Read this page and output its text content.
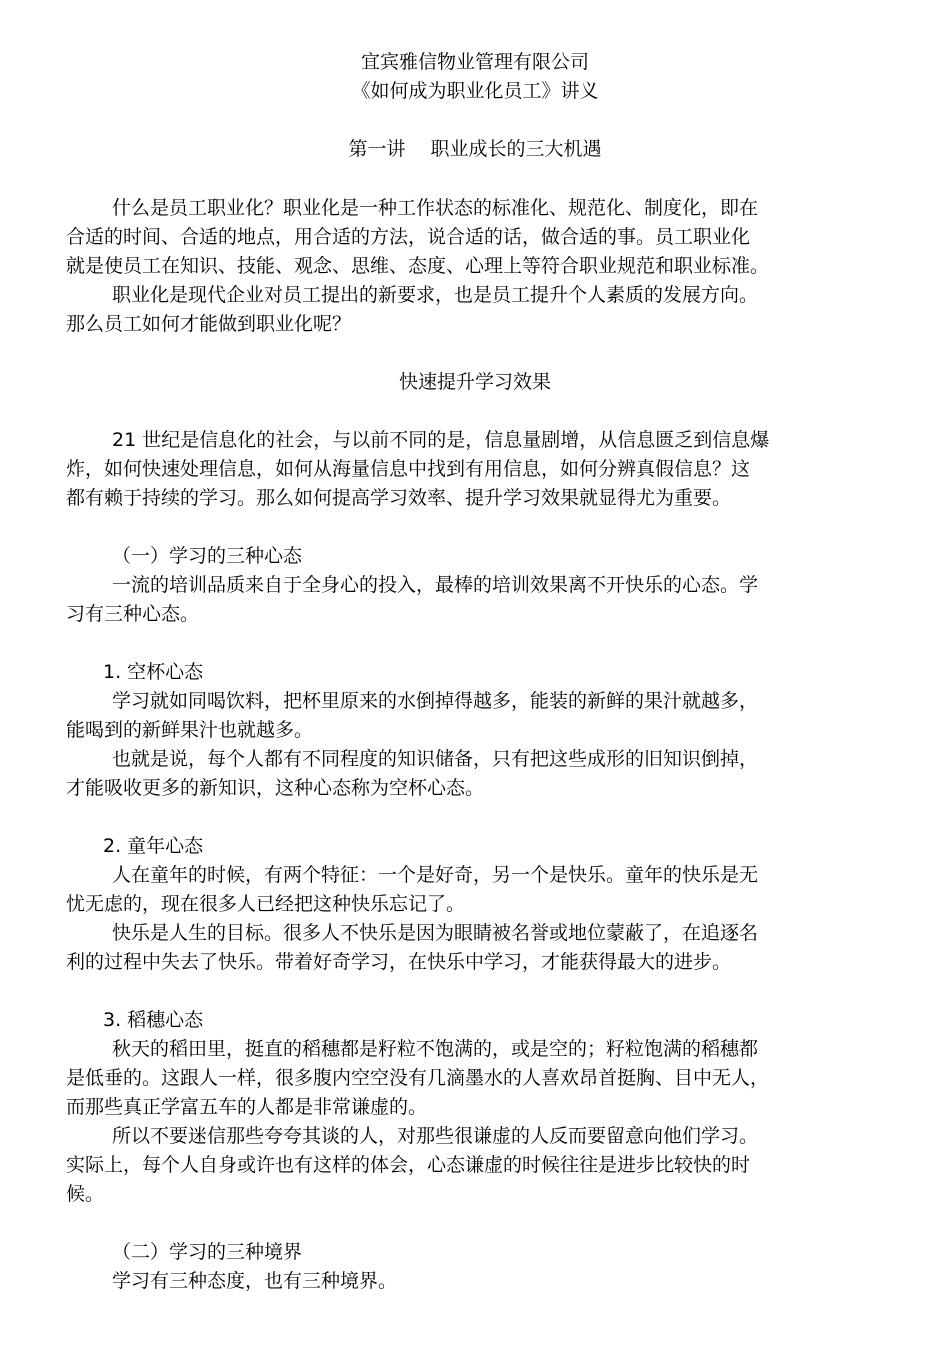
宜宾雅信物业管理有限公司
《如何成为职业化员工》讲义
第一讲　 职业成长的三大机遇
什么是员工职业化？职业化是一种工作状态的标准化、规范化、制度化，即在
合适的时间、合适的地点，用合适的方法，说合适的话，做合适的事。员工职业化
就是使员工在知识、技能、观念、思维、态度、心理上等符合职业规范和职业标准。
职业化是现代企业对员工提出的新要求，也是员工提升个人素质的发展方向。
那么员工如何才能做到职业化呢？
快速提升学习效果
21 世纪是信息化的社会，与以前不同的是，信息量剧增，从信息匮乏到信息爆
炸，如何快速处理信息，如何从海量信息中找到有用信息，如何分辨真假信息？这
都有赖于持续的学习。那么如何提高学习效率、提升学习效果就显得尤为重要。
（一）学习的三种心态
一流的培训品质来自于全身心的投入，最棒的培训效果离不开快乐的心态。学
习有三种心态。
1. 空杯心态
学习就如同喝饮料，把杯里原来的水倒掉得越多，能装的新鲜的果汁就越多，
能喝到的新鲜果汁也就越多。
也就是说，每个人都有不同程度的知识储备，只有把这些成形的旧知识倒掉，
才能吸收更多的新知识，这种心态称为空杯心态。
2. 童年心态
人在童年的时候，有两个特征：一个是好奇，另一个是快乐。童年的快乐是无
忧无虑的，现在很多人已经把这种快乐忘记了。
快乐是人生的目标。很多人不快乐是因为眼睛被名誉或地位蒙蔽了，在追逐名
利的过程中失去了快乐。带着好奇学习，在快乐中学习，才能获得最大的进步。
3. 稻穗心态
秋天的稻田里，挺直的稻穗都是籽粒不饱满的，或是空的；籽粒饱满的稻穗都
是低垂的。这跟人一样，很多腹内空空没有几滴墨水的人喜欢昂首挺胸、目中无人，
而那些真正学富五车的人都是非常谦虚的。
所以不要迷信那些夸夸其谈的人，对那些很谦虚的人反而要留意向他们学习。
实际上，每个人自身或许也有这样的体会，心态谦虚的时候往往是进步比较快的时
候。
（二）学习的三种境界
学习有三种态度，也有三种境界。
